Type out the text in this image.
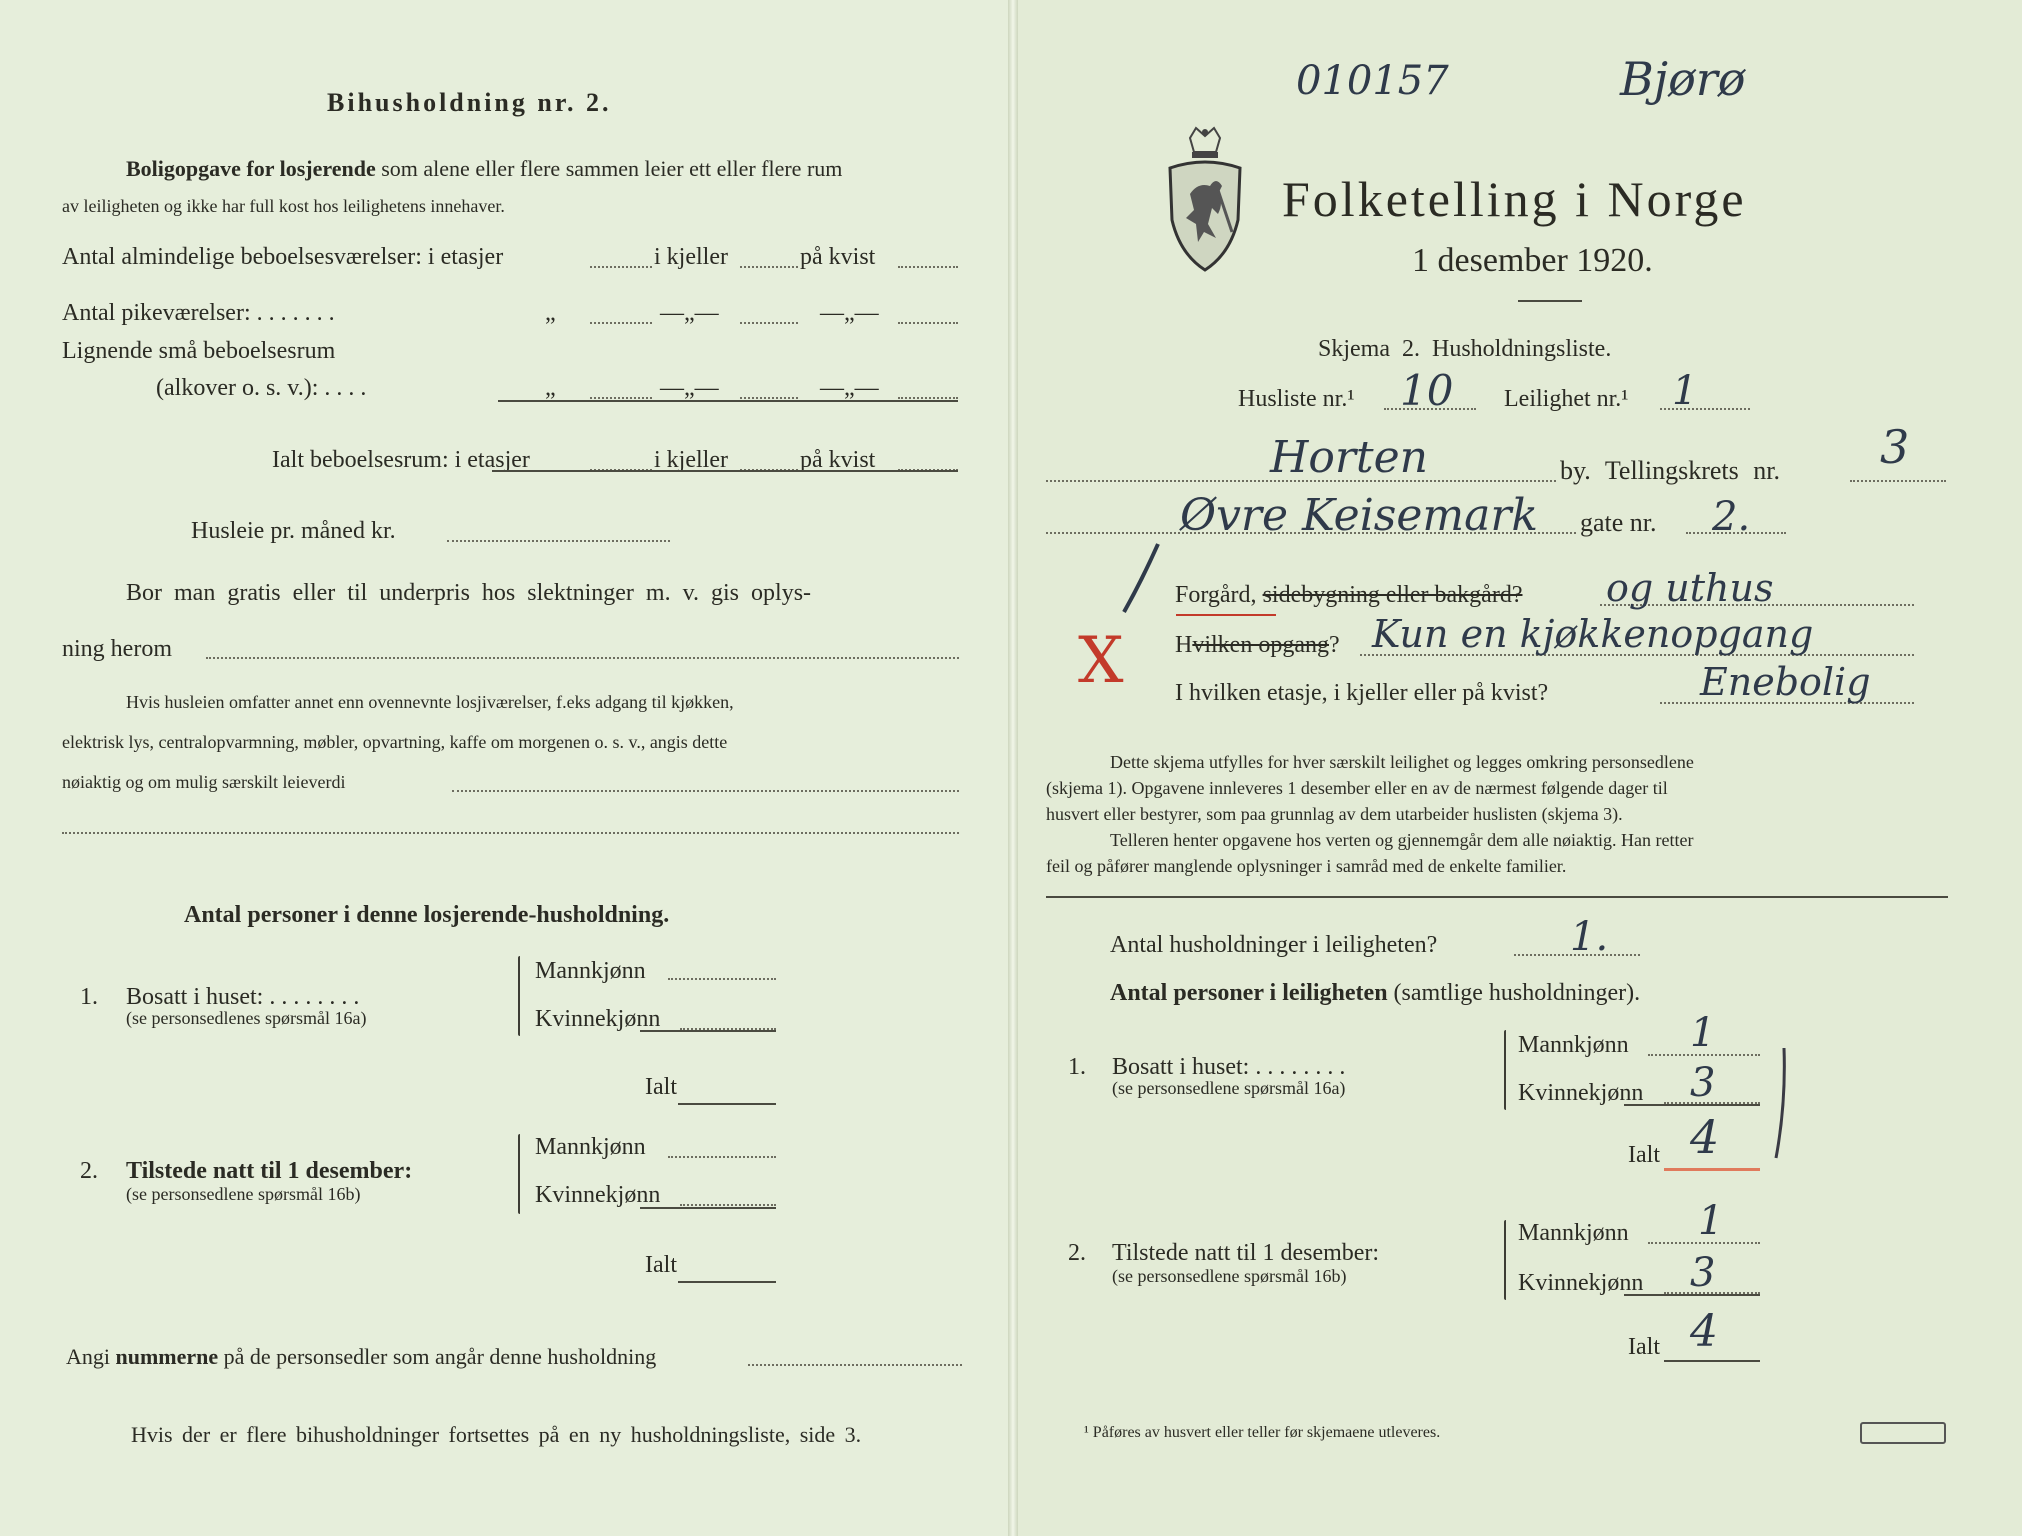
Bihusholdning nr. 2.
Boligopgave for losjerende som alene eller flere sammen leier ett eller flere rum
av leiligheten og ikke har full kost hos leilighetens innehaver.
Antal almindelige beboelsesværelser: i etasjer	i kjeller	på kvist
Antal pikeværelser: . . . . . . .	„	—„—	—„—
Lignende små beboelsesrum
(alkover o. s. v.): . . . .	„	—„—	—„—
Ialt beboelsesrum: i etasjer	i kjeller	på kvist
Husleie pr. måned kr.
Bor man gratis eller til underpris hos slektninger m. v. gis oplys-
ning herom
Hvis husleien omfatter annet enn ovennevnte losjiværelser, f.eks adgang til kjøkken,
elektrisk lys, centralopvarmning, møbler, opvartning, kaffe om morgenen o. s. v., angis dette
nøiaktig og om mulig særskilt leieverdi
Antal personer i denne losjerende-husholdning.
1. Bosatt i huset: . . . . . . . .
(se personsedlenes spørsmål 16a)
Mannkjønn
Kvinnekjønn
Ialt
2. Tilstede natt til 1 desember:
(se personsedlene spørsmål 16b)
Mannkjønn
Kvinnekjønn
Ialt
Angi nummerne på de personsedler som angår denne husholdning
Hvis der er flere bihusholdninger fortsettes på en ny husholdningsliste, side 3.
010157	Bjørø
Folketelling i Norge
1 desember 1920.
Skjema 2. Husholdningsliste.
Husliste nr.¹ 10 Leilighet nr.¹ 1
Horten	by. Tellingskrets nr. 3
Øvre Keisemark gate nr. 2.
Forgård, sidebygning eller bakgård? og uthus
X Hvilken opgang? Kun en kjøkkenopgang
I hvilken etasje, i kjeller eller på kvist?	Enebolig
Dette skjema utfylles for hver særskilt leilighet og legges omkring personsedlene
(skjema 1). Opgavene innleveres 1 desember eller en av de nærmest følgende dager til
husvert eller bestyrer, som paa grunnlag av dem utarbeider huslisten (skjema 3).
Telleren henter opgavene hos verten og gjennemgår dem alle nøiaktig. Han retter
feil og påfører manglende oplysninger i samråd med de enkelte familier.
Antal husholdninger i leiligheten?	1.
Antal personer i leiligheten (samtlige husholdninger).
1. Bosatt i huset: . . . . . . . .
(se personsedlene spørsmål 16a)
Mannkjønn 1
Kvinnekjønn 3
Ialt 4
2. Tilstede natt til 1 desember:
(se personsedlene spørsmål 16b)
Mannkjønn 1
Kvinnekjønn 3
Ialt 4
¹ Påføres av husvert eller teller før skjemaene utleveres.
